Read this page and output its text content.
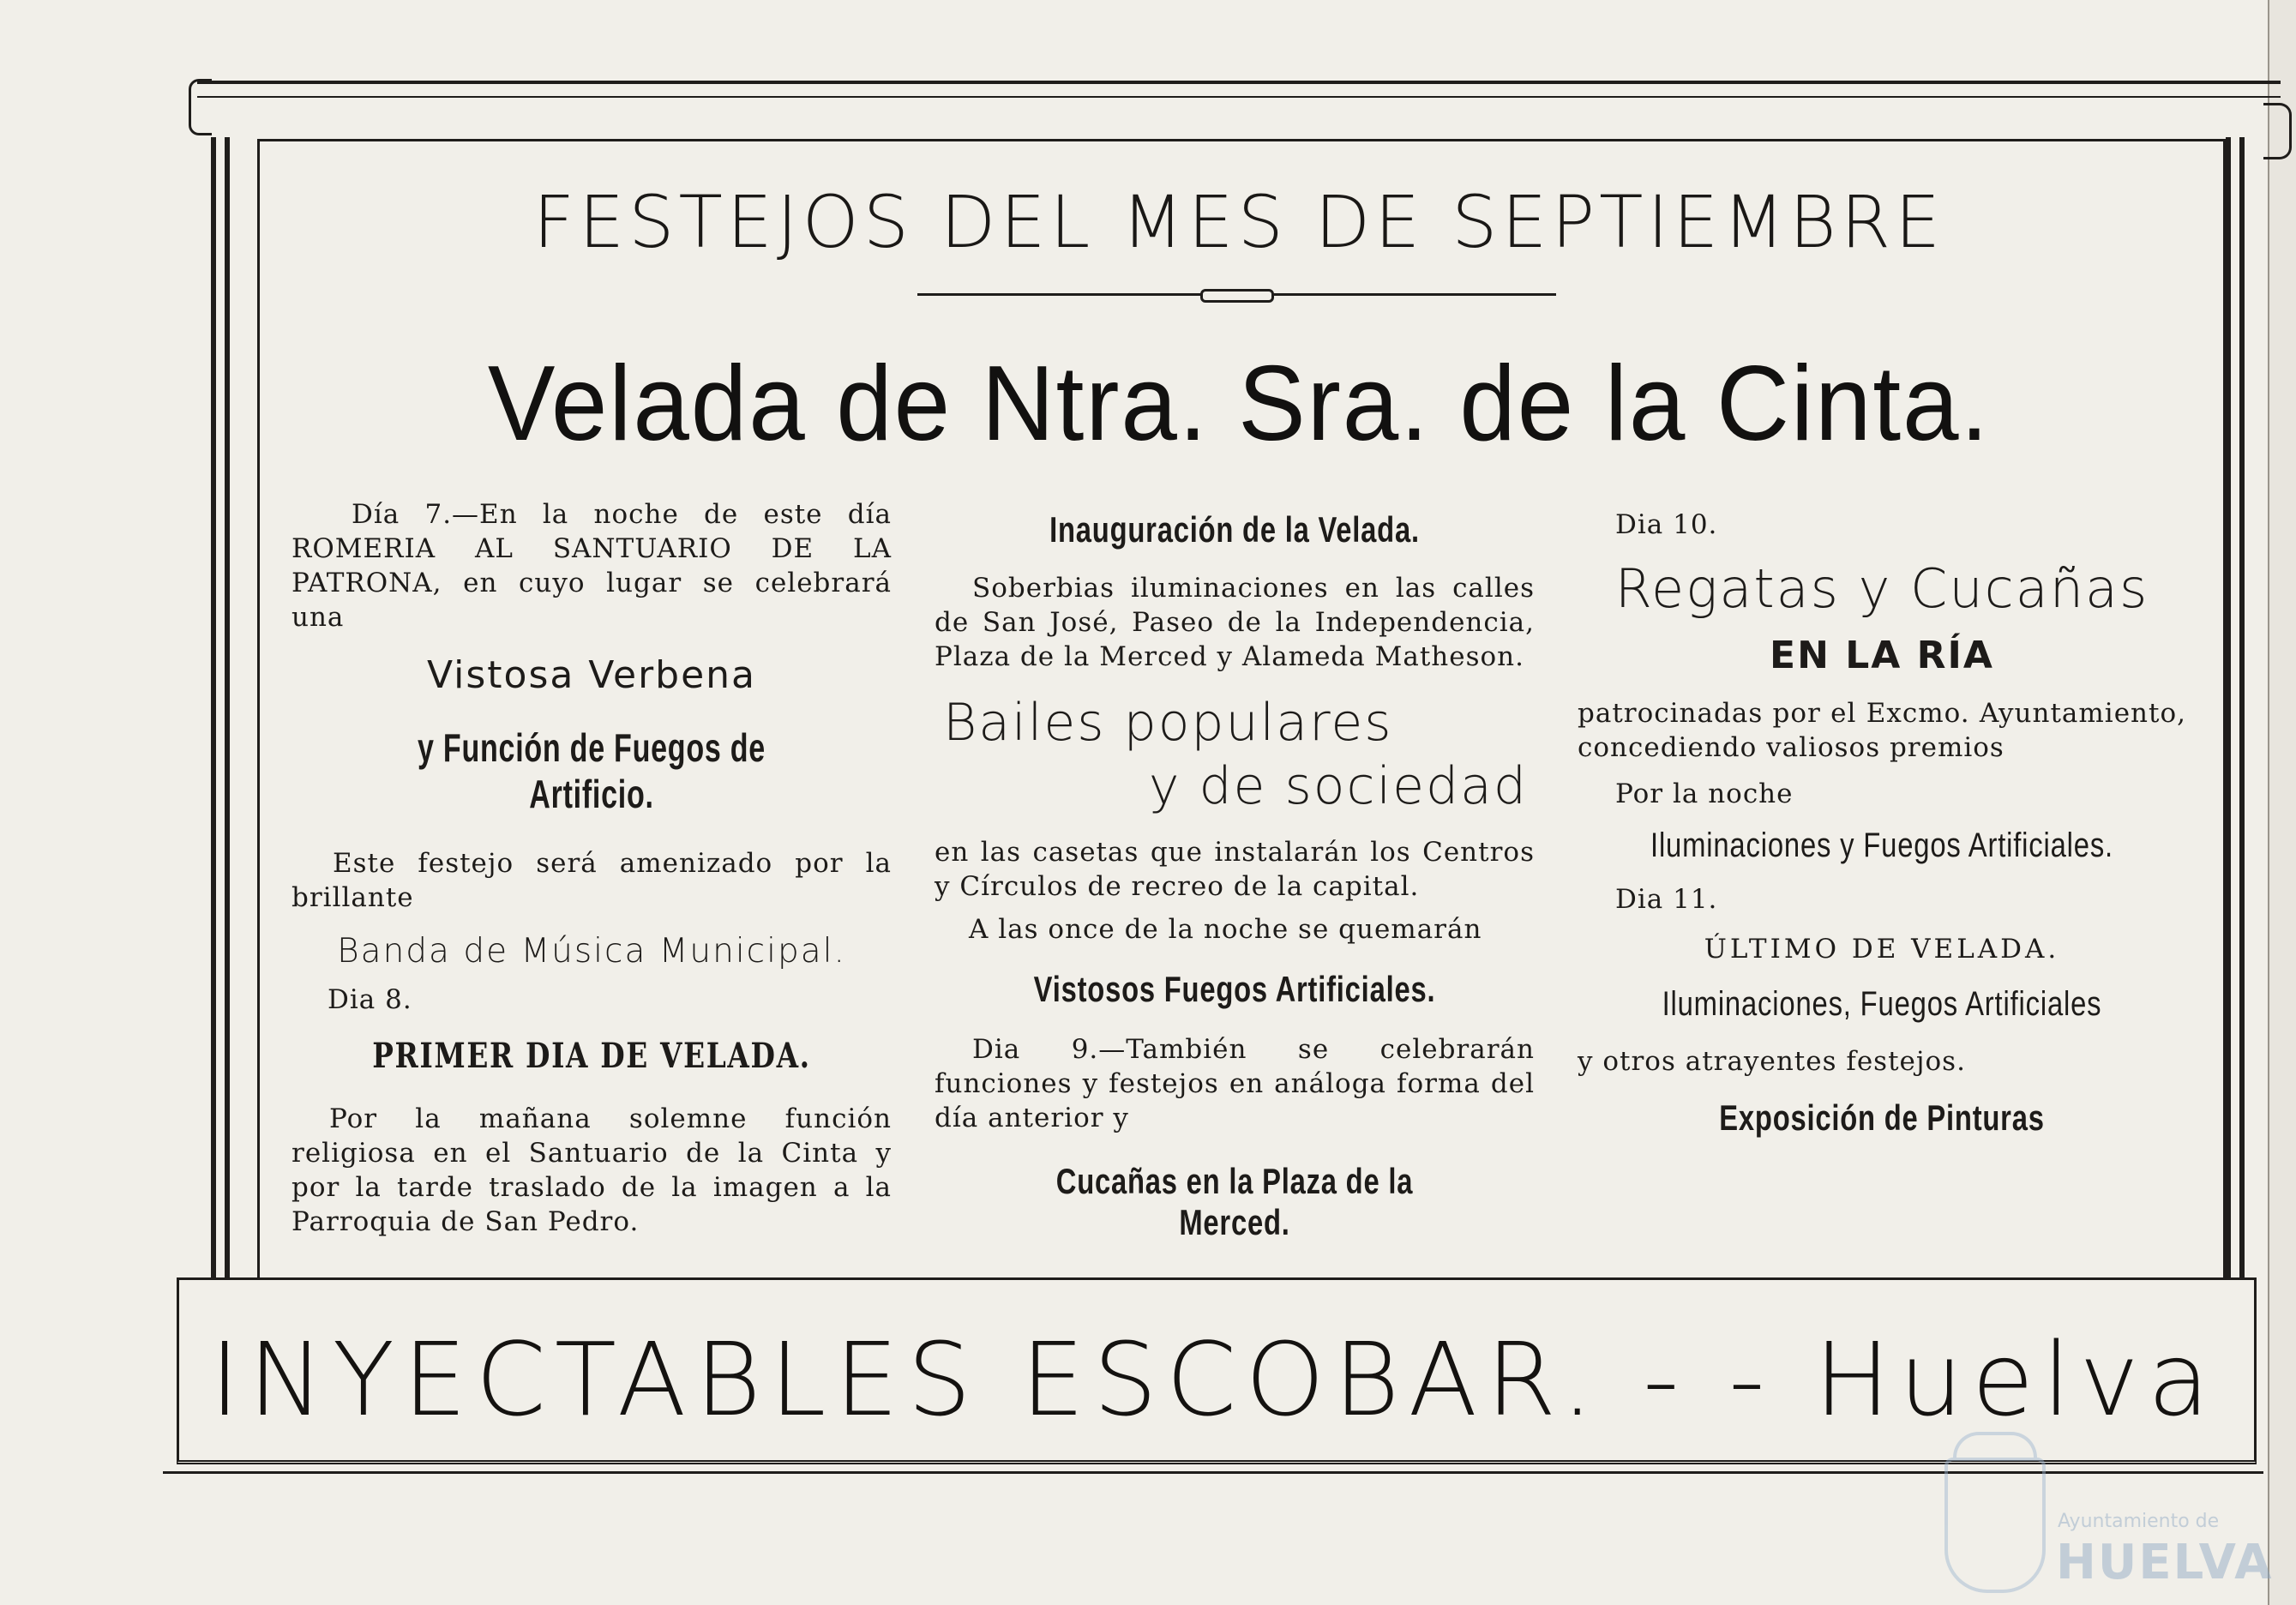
FESTEJOS DEL MES DE SEPTIEMBRE
Velada de Ntra. Sra. de la Cinta.

Día 7.—En la noche de este día ROMERIA AL SANTUARIO DE LA PATRONA, en cuyo lugar se celebrará una

Vistosa Verbena
y Función de Fuegos de Artificio.

Este festejo será amenizado por la brillante

Banda de Música Municipal.

Dia 8.

PRIMER DIA DE VELADA.

Por la mañana solemne función religiosa en el Santuario de la Cinta y por la tarde traslado de la imagen a la Parroquia de San Pedro.

Inauguración de la Velada.

Soberbias iluminaciones en las calles de San José, Paseo de la Independencia, Plaza de la Merced y Alameda Matheson.

Bailes populares
y de sociedad

en las casetas que instalarán los Centros y Círculos de recreo de la capital.

A las once de la noche se quemarán

Vistosos Fuegos Artificiales.

Dia 9.—También se celebrarán funciones y festejos en análoga forma del día anterior y

Cucañas en la Plaza de la Merced.

Dia 10.

Regatas y Cucañas
EN LA RÍA

patrocinadas por el Excmo. Ayuntamiento, concediendo valiosos premios

Por la noche

Iluminaciones y Fuegos Artificiales.

Dia 11.

ÚLTIMO DE VELADA.
Iluminaciones, Fuegos Artificiales

y otros atrayentes festejos.

Exposición de Pinturas
INYECTABLES ESCOBAR. - - Huelva
Ayuntamiento de
HUELVA
